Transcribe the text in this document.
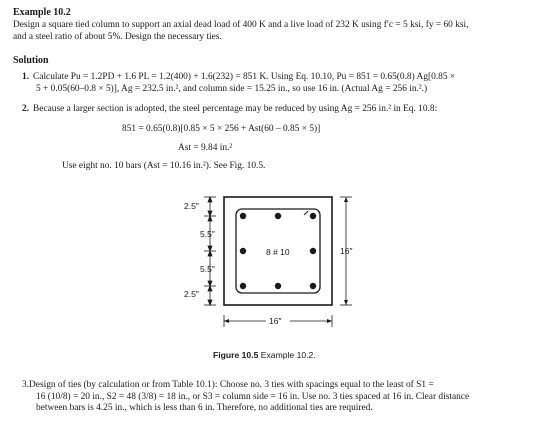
Example 10.2
Design a square tied column to support an axial dead load of 400 K and a live load of 232 K using f′c = 5 ksi, fy = 60 ksi,
and a steel ratio of about 5%. Design the necessary ties.
Solution
1. Calculate Pu = 1.2PD + 1.6 PL = 1.2(400) + 1.6(232) = 851 K. Using Eq. 10.10, Pu = 851 = 0.65(0.8) Ag[0.85 ×
5 + 0.05(60–0.8 × 5)], Ag = 232.5 in.², and column side = 15.25 in., so use 16 in. (Actual Ag = 256 in.².)
2. Because a larger section is adopted, the steel percentage may be reduced by using Ag = 256 in.² in Eq. 10.8:
851 = 0.65(0.8)[0.85 × 5 × 256 + Ast(60 – 0.85 × 5)]
Ast = 9.84 in.²
Use eight no. 10 bars (Ast = 10.16 in.²). See Fig. 10.5.
2.5″
5.5″
5.5″
2.5″
8 # 10	16″
16″
Figure 10.5 Example 10.2.
3.Design of ties (by calculation or from Table 10.1): Choose no. 3 ties with spacings equal to the least of S1 =
16 (10/8) = 20 in., S2 = 48 (3/8) = 18 in., or S3 = column side = 16 in. Use no. 3 ties spaced at 16 in. Clear distance
between bars is 4.25 in., which is less than 6 in. Therefore, no additional ties are required.
